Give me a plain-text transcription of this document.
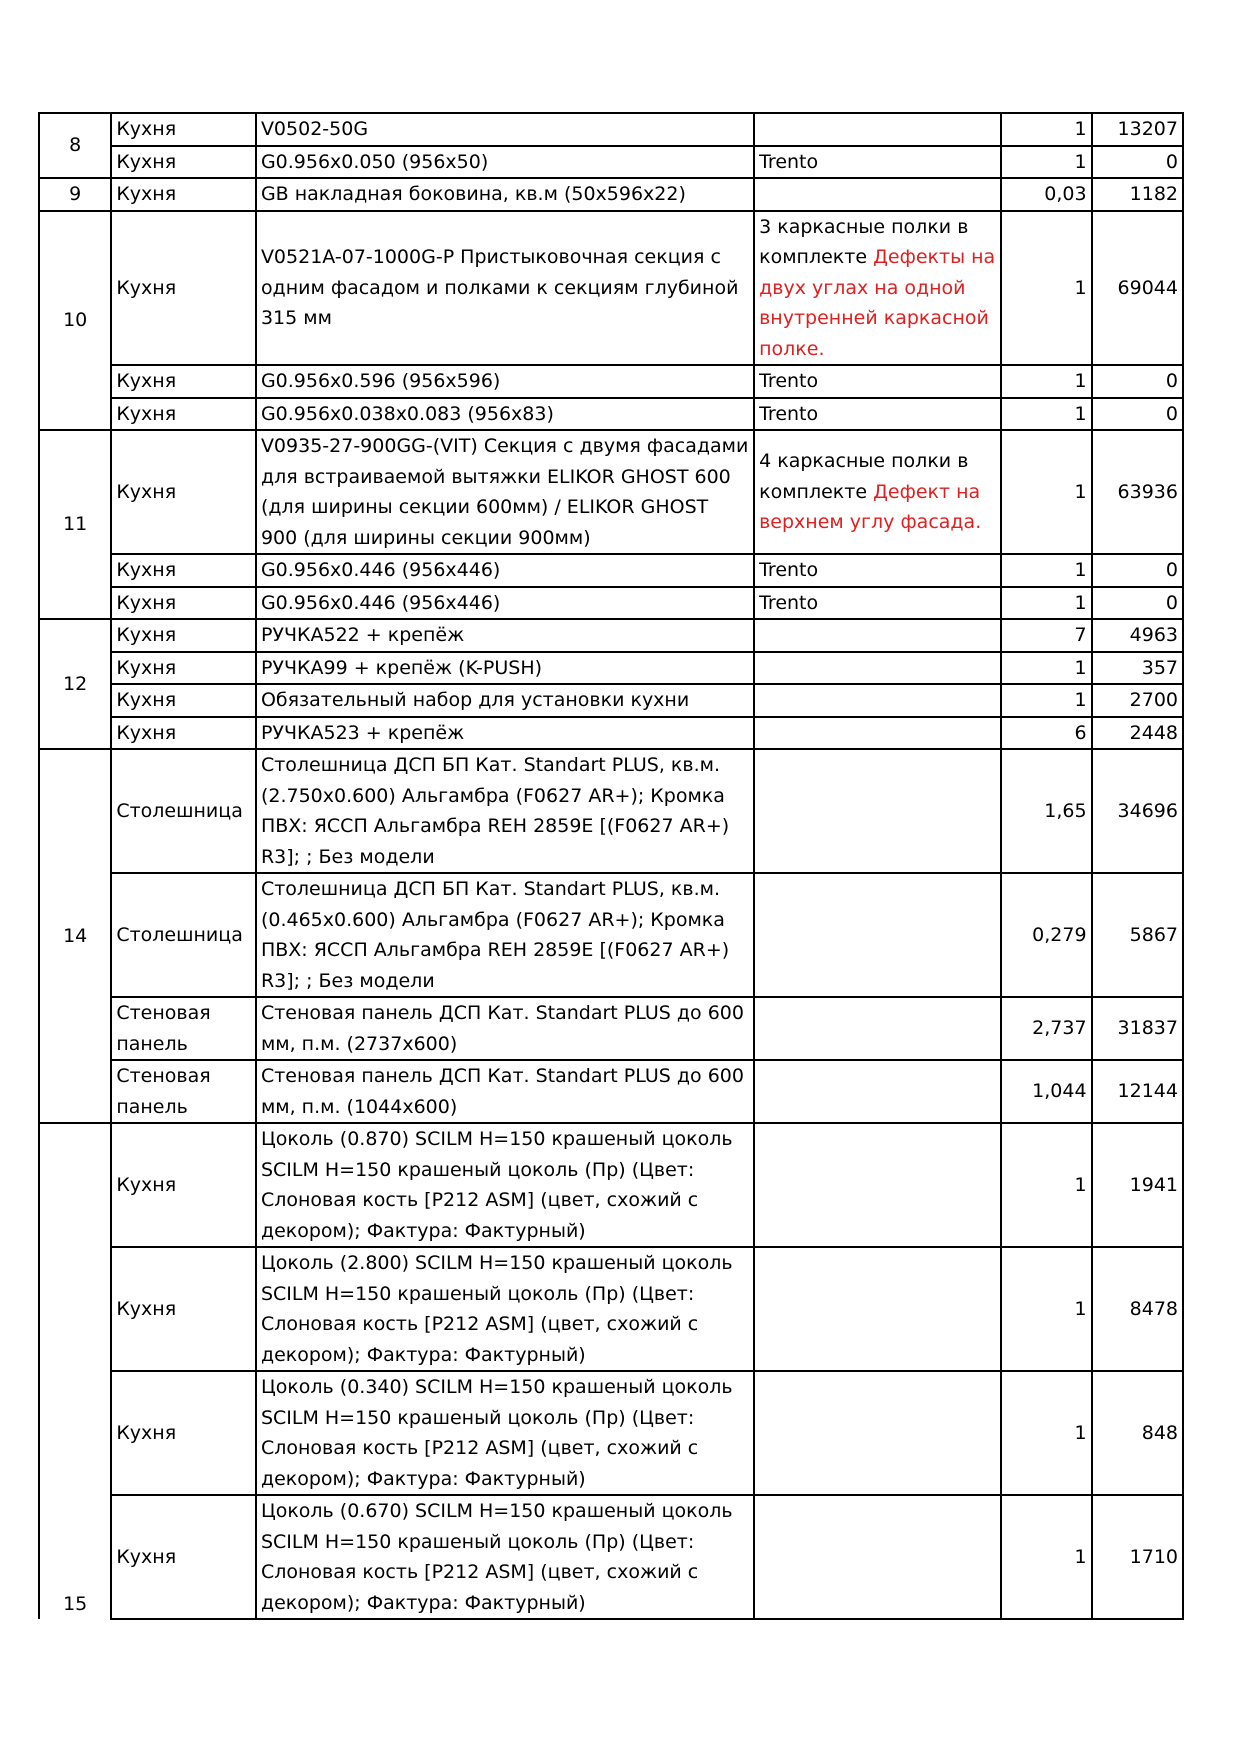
8	Кухня	V0502-50G		1	13207
	Кухня	G0.956x0.050 (956x50)	Trento	1	0
9	Кухня	GB накладная боковина, кв.м (50x596x22)		0,03	1182
10	Кухня	V0521A-07-1000G-P Пристыковочная секция с одним фасадом и полками к секциям глубиной 315 мм	3 каркасные полки в комплекте Дефекты на двух углах на одной внутренней каркасной полке.	1	69044
	Кухня	G0.956x0.596 (956x596)	Trento	1	0
	Кухня	G0.956x0.038x0.083 (956x83)	Trento	1	0
11	Кухня	V0935-27-900GG-(VIT) Секция с двумя фасадами для встраиваемой вытяжки ELIKOR GHOST 600 (для ширины секции 600мм) / ELIKOR GHOST 900 (для ширины секции 900мм)	4 каркасные полки в комплекте Дефект на верхнем углу фасада.	1	63936
	Кухня	G0.956x0.446 (956x446)	Trento	1	0
	Кухня	G0.956x0.446 (956x446)	Trento	1	0
12	Кухня	РУЧКА522 + крепёж		7	4963
	Кухня	РУЧКА99 + крепёж (K-PUSH)		1	357
	Кухня	Обязательный набор для установки кухни		1	2700
	Кухня	РУЧКА523 + крепёж		6	2448
14	Столешница	Столешница ДСП БП Кат. Standart PLUS, кв.м. (2.750x0.600) Альгамбра (F0627 AR+); Кромка ПВХ: ЯССП Альгамбра REH 2859E [(F0627 AR+) R3]; ; Без модели		1,65	34696
	Столешница	Столешница ДСП БП Кат. Standart PLUS, кв.м. (0.465x0.600) Альгамбра (F0627 AR+); Кромка ПВХ: ЯССП Альгамбра REH 2859E [(F0627 AR+) R3]; ; Без модели		0,279	5867
	Стеновая панель	Стеновая панель ДСП Кат. Standart PLUS до 600 мм, п.м. (2737x600)		2,737	31837
	Стеновая панель	Стеновая панель ДСП Кат. Standart PLUS до 600 мм, п.м. (1044x600)		1,044	12144
15	Кухня	Цоколь (0.870) SCILM H=150 крашеный цоколь SCILM H=150 крашеный цоколь (Пр) (Цвет: Слоновая кость [P212 ASM] (цвет, схожий с декором); Фактура: Фактурный)		1	1941
	Кухня	Цоколь (2.800) SCILM H=150 крашеный цоколь SCILM H=150 крашеный цоколь (Пр) (Цвет: Слоновая кость [P212 ASM] (цвет, схожий с декором); Фактура: Фактурный)		1	8478
	Кухня	Цоколь (0.340) SCILM H=150 крашеный цоколь SCILM H=150 крашеный цоколь (Пр) (Цвет: Слоновая кость [P212 ASM] (цвет, схожий с декором); Фактура: Фактурный)		1	848
	Кухня	Цоколь (0.670) SCILM H=150 крашеный цоколь SCILM H=150 крашеный цоколь (Пр) (Цвет: Слоновая кость [P212 ASM] (цвет, схожий с декором); Фактура: Фактурный)		1	1710
